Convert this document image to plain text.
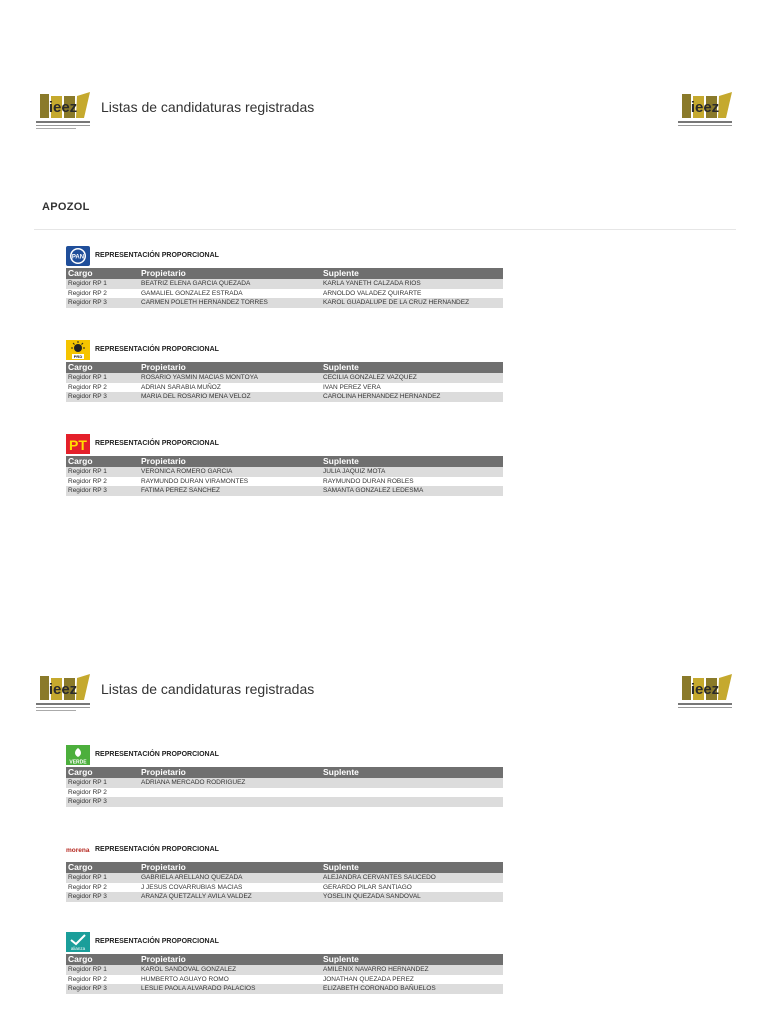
ieez Listas de candidaturas registradas	ieez
APOZOL
PAN REPRESENTACIÓN PROPORCIONAL
Cargo	Propietario	Suplente
Regidor RP 1	BEATRIZ ELENA GARCIA QUEZADA	KARLA YANETH CALZADA RIOS
Regidor RP 2	GAMALIEL GONZALEZ ESTRADA	ARNOLDO VALADEZ QUIRARTE
Regidor RP 3	CARMEN POLETH HERNANDEZ TORRES	KAROL GUADALUPE DE LA CRUZ HERNANDEZ
PRD
REPRESENTACIÓN PROPORCIONAL
Cargo	Propietario	Suplente
Regidor RP 1	ROSARIO YASMIN MACIAS MONTOYA	CECILIA GONZALEZ VAZQUEZ
Regidor RP 2	ADRIAN SARABIA MUÑOZ	IVAN PEREZ VERA
Regidor RP 3	MARIA DEL ROSARIO MENA VELOZ	CAROLINA HERNANDEZ HERNANDEZ
PT REPRESENTACIÓN PROPORCIONAL
Cargo	Propietario	Suplente
Regidor RP 1	VERONICA ROMERO GARCIA	JULIA JAQUIZ MOTA
Regidor RP 2	RAYMUNDO DURAN VIRAMONTES	RAYMUNDO DURAN ROBLES
Regidor RP 3	FATIMA PEREZ SANCHEZ	SAMANTA GONZALEZ LEDESMA
ieez Listas de candidaturas registradas	ieez
VERDE
REPRESENTACIÓN PROPORCIONAL
Cargo	Propietario	Suplente
Regidor RP 1	ADRIANA MERCADO RODRIGUEZ	
Regidor RP 2		
Regidor RP 3		
morena REPRESENTACIÓN PROPORCIONAL
Cargo	Propietario	Suplente
Regidor RP 1	GABRIELA ARELLANO QUEZADA	ALEJANDRA CERVANTES SAUCEDO
Regidor RP 2	J JESUS COVARRUBIAS MACIAS	GERARDO PILAR SANTIAGO
Regidor RP 3	ARANZA QUETZALLY AVILA VALDEZ	YOSELIN QUEZADA SANDOVAL
alianza
REPRESENTACIÓN PROPORCIONAL
Cargo	Propietario	Suplente
Regidor RP 1	KAROL SANDOVAL GONZALEZ	AMILENIX NAVARRO HERNANDEZ
Regidor RP 2	HUMBERTO AGUAYO ROMO	JONATHAN QUEZADA PEREZ
Regidor RP 3	LESLIE PAOLA ALVARADO PALACIOS	ELIZABETH CORONADO BAÑUELOS
